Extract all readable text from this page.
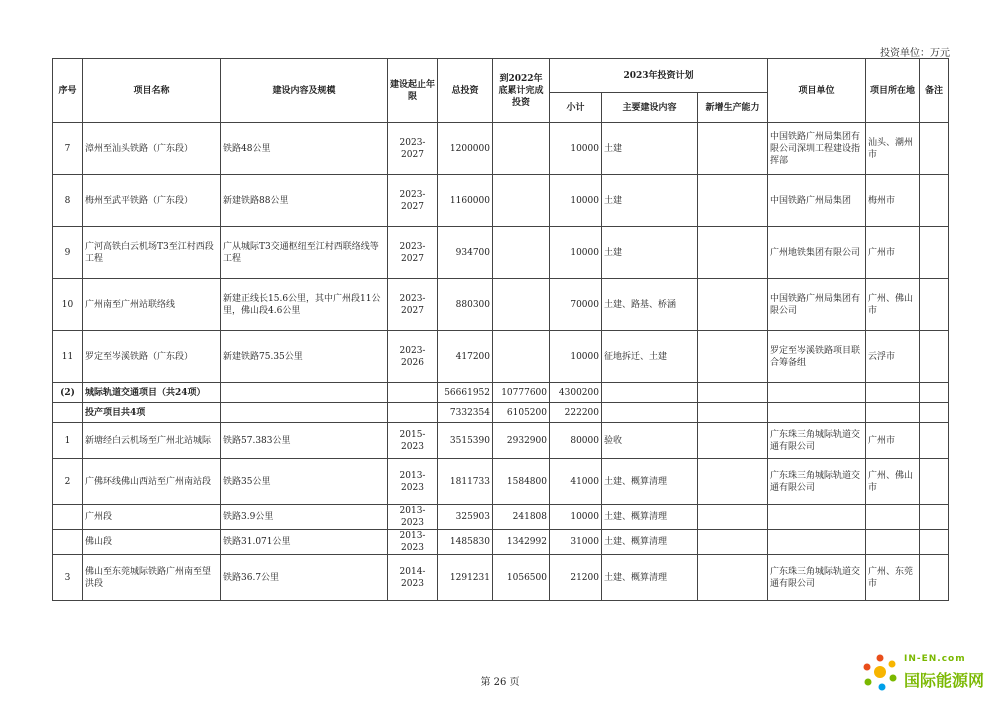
投资单位：万元
序号	项目名称	建设内容及规模	建设起止年限	总投资	到2022年底累计完成投资	2023年投资计划			项目单位	项目所在地	备注
						小计	主要建设内容	新增生产能力			
7	漳州至汕头铁路（广东段）	铁路48公里	2023-2027	1200000		10000	土建		中国铁路广州局集团有限公司深圳工程建设指挥部	汕头、潮州市	
8	梅州至武平铁路（广东段）	新建铁路88公里	2023-2027	1160000		10000	土建		中国铁路广州局集团	梅州市	
9	广河高铁白云机场T3至江村西段工程	广从城际T3交通枢纽至江村西联络线等工程	2023-2027	934700		10000	土建		广州地铁集团有限公司	广州市	
10	广州南至广州站联络线	新建正线长15.6公里，其中广州段11公里，佛山段4.6公里	2023-2027	880300		70000	土建、路基、桥涵		中国铁路广州局集团有限公司	广州、佛山市	
11	罗定至岑溪铁路（广东段）	新建铁路75.35公里	2023-2026	417200		10000	征地拆迁、土建		罗定至岑溪铁路项目联合筹备组	云浮市	
(2)	城际轨道交通项目（共24项）			56661952	10777600	4300200					
	投产项目共4项			7332354	6105200	222200					
1	新塘经白云机场至广州北站城际	铁路57.383公里	2015-2023	3515390	2932900	80000	验收		广东珠三角城际轨道交通有限公司	广州市	
2	广佛环线佛山西站至广州南站段	铁路35公里	2013-2023	1811733	1584800	41000	土建、概算清理		广东珠三角城际轨道交通有限公司	广州、佛山市	
	广州段	铁路3.9公里	2013-2023	325903	241808	10000	土建、概算清理				
	佛山段	铁路31.071公里	2013-2023	1485830	1342992	31000	土建、概算清理				
3	佛山至东莞城际铁路广州南至望洪段	铁路36.7公里	2014-2023	1291231	1056500	21200	土建、概算清理		广东珠三角城际轨道交通有限公司	广州、东莞市	
第 26 页
IN-EN.com
国际能源网
